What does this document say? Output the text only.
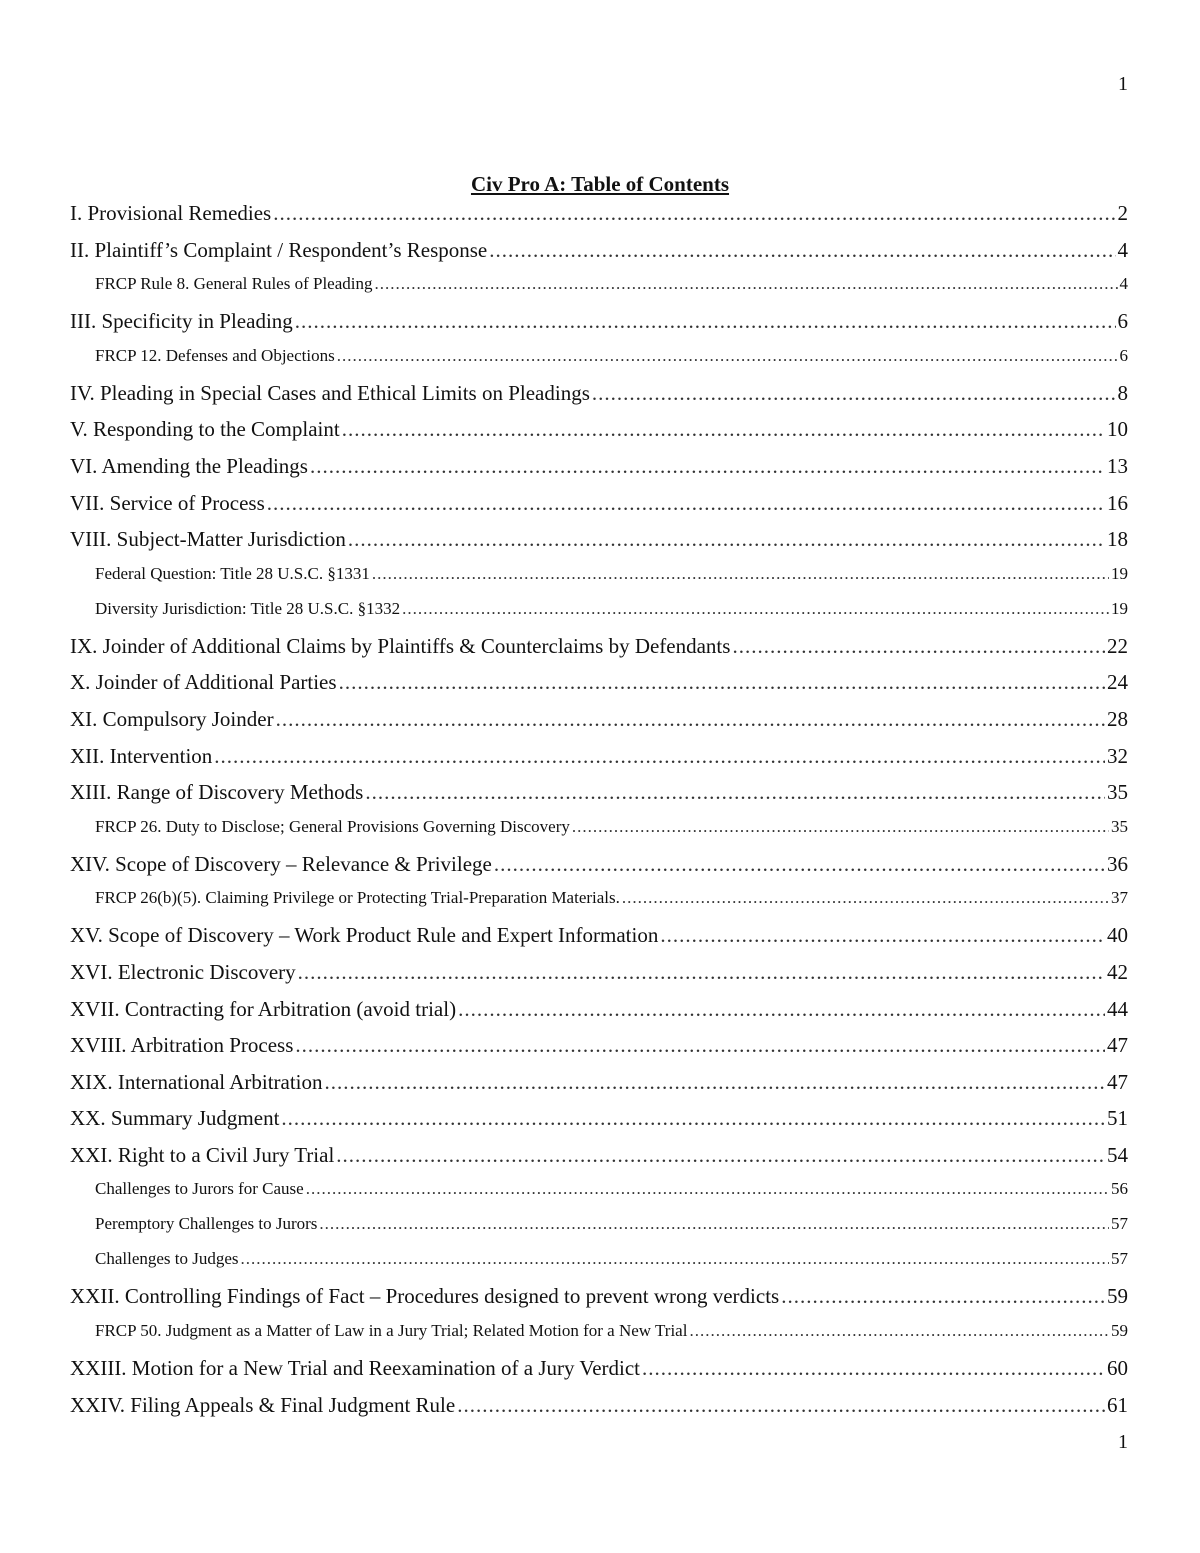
1
Civ Pro A: Table of Contents
I. Provisional Remedies .....	2
II. Plaintiff’s Complaint / Respondent’s Response .....	4
FRCP Rule 8. General Rules of Pleading .....	4
III. Specificity in Pleading .....	6
FRCP 12. Defenses and Objections .....	6
IV. Pleading in Special Cases and Ethical Limits on Pleadings .....	8
V. Responding to the Complaint .....	10
VI. Amending the Pleadings .....	13
VII. Service of Process .....	16
VIII. Subject-Matter Jurisdiction .....	18
Federal Question: Title 28 U.S.C. §1331 .....	19
Diversity Jurisdiction: Title 28 U.S.C. §1332 .....	19
IX. Joinder of Additional Claims by Plaintiffs & Counterclaims by Defendants .....	22
X. Joinder of Additional Parties .....	24
XI. Compulsory Joinder .....	28
XII. Intervention .....	32
XIII. Range of Discovery Methods .....	35
FRCP 26. Duty to Disclose; General Provisions Governing Discovery .....	35
XIV. Scope of Discovery – Relevance & Privilege .....	36
FRCP 26(b)(5). Claiming Privilege or Protecting Trial-Preparation Materials. .....	37
XV. Scope of Discovery – Work Product Rule and Expert Information .....	40
XVI. Electronic Discovery .....	42
XVII. Contracting for Arbitration (avoid trial) .....	44
XVIII. Arbitration Process .....	47
XIX. International Arbitration .....	47
XX. Summary Judgment .....	51
XXI. Right to a Civil Jury Trial .....	54
Challenges to Jurors for Cause .....	56
Peremptory Challenges to Jurors .....	57
Challenges to Judges .....	57
XXII. Controlling Findings of Fact – Procedures designed to prevent wrong verdicts .....	59
FRCP 50. Judgment as a Matter of Law in a Jury Trial; Related Motion for a New Trial .....	59
XXIII. Motion for a New Trial and Reexamination of a Jury Verdict .....	60
XXIV. Filing Appeals & Final Judgment Rule .....	61
1
